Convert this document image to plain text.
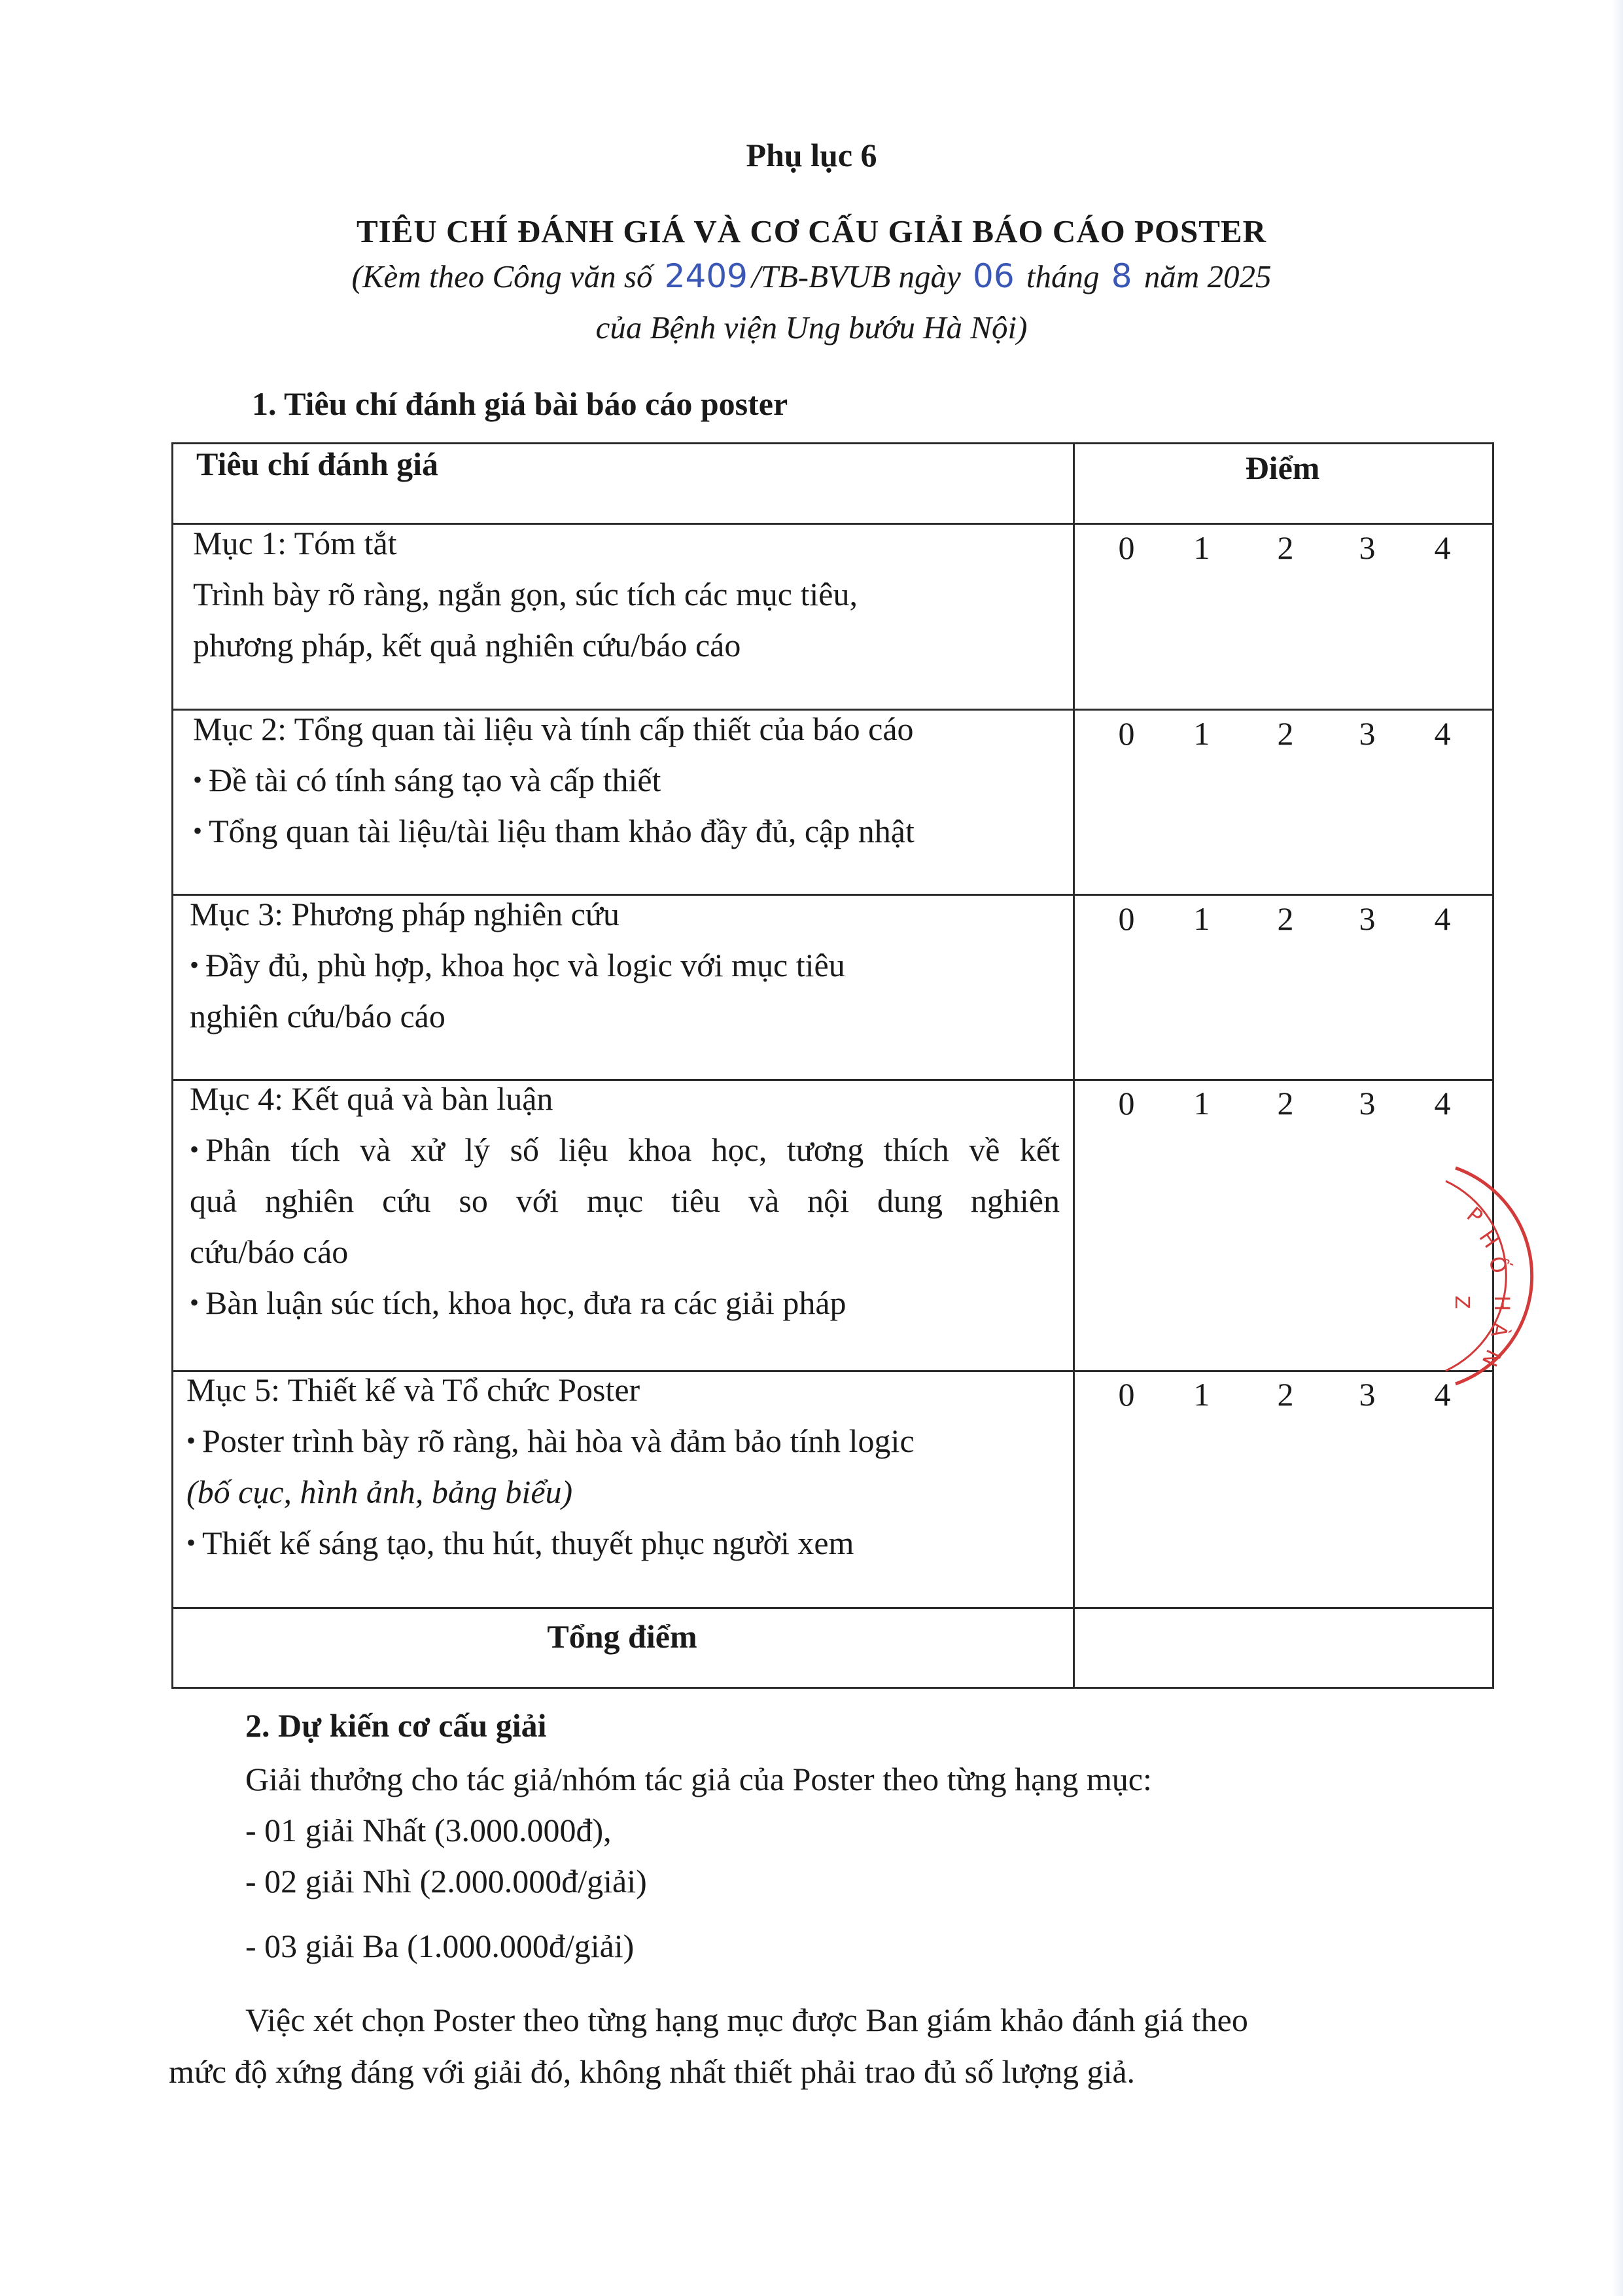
Phụ lục 6
TIÊU CHÍ ĐÁNH GIÁ VÀ CƠ CẤU GIẢI BÁO CÁO POSTER
(Kèm theo Công văn số 2409 /TB-BVUB ngày 06 tháng 8 năm 2025
của Bệnh viện Ung bướu Hà Nội)
1. Tiêu chí đánh giá bài báo cáo poster
Tiêu chí đánh giá	Điểm
Mục 1: Tóm tắt
Trình bày rõ ràng, ngắn gọn, súc tích các mục tiêu,
phương pháp, kết quả nghiên cứu/báo cáo
0	1	2	3	4
Mục 2: Tổng quan tài liệu và tính cấp thiết của báo cáo
• Đề tài có tính sáng tạo và cấp thiết
• Tổng quan tài liệu/tài liệu tham khảo đầy đủ, cập nhật
0	1	2	3	4
Mục 3: Phương pháp nghiên cứu
• Đầy đủ, phù hợp, khoa học và logic với mục tiêu
nghiên cứu/báo cáo
0	1	2	3	4
Mục 4: Kết quả và bàn luận
• Phân tích và xử lý số liệu khoa học, tương thích về kết
quả nghiên cứu so với mục tiêu và nội dung nghiên
cứu/báo cáo
• Bàn luận súc tích, khoa học, đưa ra các giải pháp
0	1	2	3	4
Mục 5: Thiết kế và Tổ chức Poster
• Poster trình bày rõ ràng, hài hòa và đảm bảo tính logic
(bố cục, hình ảnh, bảng biểu)
• Thiết kế sáng tạo, thu hút, thuyết phục người xem
0	1	2	3	4
Tổng điểm
P
H
Ố
H
À
N
Z
2. Dự kiến cơ cấu giải
Giải thưởng cho tác giả/nhóm tác giả của Poster theo từng hạng mục:
- 01 giải Nhất (3.000.000đ),
- 02 giải Nhì (2.000.000đ/giải)
- 03 giải Ba (1.000.000đ/giải)
Việc xét chọn Poster theo từng hạng mục được Ban giám khảo đánh giá theo
mức độ xứng đáng với giải đó, không nhất thiết phải trao đủ số lượng giả.
